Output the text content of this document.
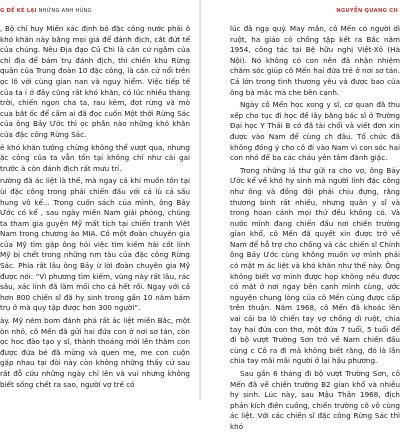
G ĐỂ KẺ LẠI NHỮNG ANH HÙNG	NGUYỄN QUANG CH

, Bộ chỉ huy Miền xác định bỏ đặc công nước phải ô khó khăn này bằng mọi giá để đánh địch, cắt đứt tế của chúng. Nêu Địa đạo Củ Chi là căn cứ ngầm của chỉ địa để bám trụ đánh địch, thì chiến khu Rừng quân của Trung đoàn 10 đặc công, là căn cứ nổi trên ọc lõ với cùng gian nan và nguy hiểm. Việc tiếp tế của ta i ở đây cũng rất khó khăn, có lúc nhiều tháng trời, chiến ngon cha ta, rau kèm, đọt rừng và mò cua bắt ốc để cầm ai đã đọc cuốn Một thời Rừng Sác của ông Bảy Ước thì ọc phần nào những khó khăn của đặc công Rừng Sác.

ẻ khó khăn tưởng chừng không thể vượt qua, nhưng ặc công của ta vẫn tồn tại không chỉ như cái gai trước à còn đánh địch rất mưu trí.

rường đã ác liệt là thế, mà ngay cả khi muốn tồn tại ùi đặc công trong phải chiến đấu với cá lù cá sấu hung vô kể... Trong cuốn sách của mình, ông Bảy Ước có kể , sau ngày miền Nam giải phóng, chúng ta tham gia guyện Mỹ mất tích tại chiến tranh Việt Nam trong chương ào MIA. Có một đoàn chuyên gia của Mỹ tìm gặp ông hỏi việc tìm kiếm hài cốt lính Mỹ bị chết trong những nm tàu của đặc công Rừng Sác. Phía rất lâu ông Bảy ừ lời đoàn chuyên gia Mỹ được nói: “Vì phương tìm kiếm, vùng này rất lâu, rác sâu, xác lính đã làm mồi cho cá hết rồi. Ngay với cả hơn 800 chiến sĩ đã hy sinh trong gần 10 năm bám trụ ở mà quy tập được hơn 300 người”.

ày. Mỹ ném bom đánh phá rất ác liệt miền Bắc, một òn nhỏ, cô Mến đã gửi hai đứa con ở nơi sơ tán, còn ọc hoc đào tạo y sĩ, thành thoáng mới lên thăm con được đứa bé đã mừng và quen mẹ, mẹ con cuộn gặp nhau tại đòi này còn không những thấy cứ sau rất đỗ cứu những ngày chỉ lên và vui nhưng không biết sống chết ra sao, người vợ trẻ có

lúc đã ngạ quý. May mắn, cô Mến có người dì ruột, ha giáo có chồng tập kết ra Bắc năm 1954, công tác tại Bệ hữu nghị Việt-Xô (Hà Nội). Nó không có con nên đã nhận nhiệm chăm sóc giúp cô Mến hai đứa trẻ ở nơi sơ tán. Cả lớn trong tình thương yêu và được bao của ông bà mặc mà che bên cạnh.

Ngày cô Mến học xong y sĩ, cơ quan đã thu xếp cho tục đi học đề lây bằng bác sĩ ở Trường Đại học Y Thái B có đã tài chổi và viết đơn xin được vào Nam để cùng ch đâu. Tổ chức đã không đồng ý cho cô đi vào Nam vì con sóc hai con nhỏ để ba các cháu yên tâm đánh giặc.

Trong những lá thư gửi ra cho vợ, ông Bảy Ước kể về khó hy sinh mà người lính đặc công như ông và đồng đội phải chịu đựng, rằng thương binh rất nhiều, nhưng quân y sĩ và trong hoan cảnh mọi thứ đều không có. Và nước mình đang chiến đấu nơi chiến trường gian khổ, cô Mến đã quyết xin được trở về Nam để hỗ trợ cho chồng và các chiến sĩ Chính ông Bảy Ước cùng không muốn vợ mình phải có mặt m ác liệt và khó khăn như thế này. Ông không biết vợ mình được họp không nếu được có mặt ở nơi ngay bên cạnh mình cùng, ước nguyện chung lòng của cô Mến cùng được cấp trên thuận. Năm 1968, cô Mến đã khoác lên vai cái ba lô chiến tay vợ chồng dì ruột, chia tay hai đứa con thơ, một đứa 7 tuổi, 5 tuổi để đi bộ vượt Trường Sơn trở về Nam chiến đấu cùng c Cô ra đi mà không biết rằng, đó là lần chia tay mãi mãi người ở lại hậu phương.

Sau gần 6 tháng đi bộ vượt Trường Sơn, cô Mến đã về chiến trường B2 gian khổ và nhiều hy sinh. Lúc này, sau Mậu Thân 1968, địch phản kích điên cuồng, chiến trường cô vô cùng ác liệt. Với các chiến sĩ đặc công Rừng Sác thì khó
